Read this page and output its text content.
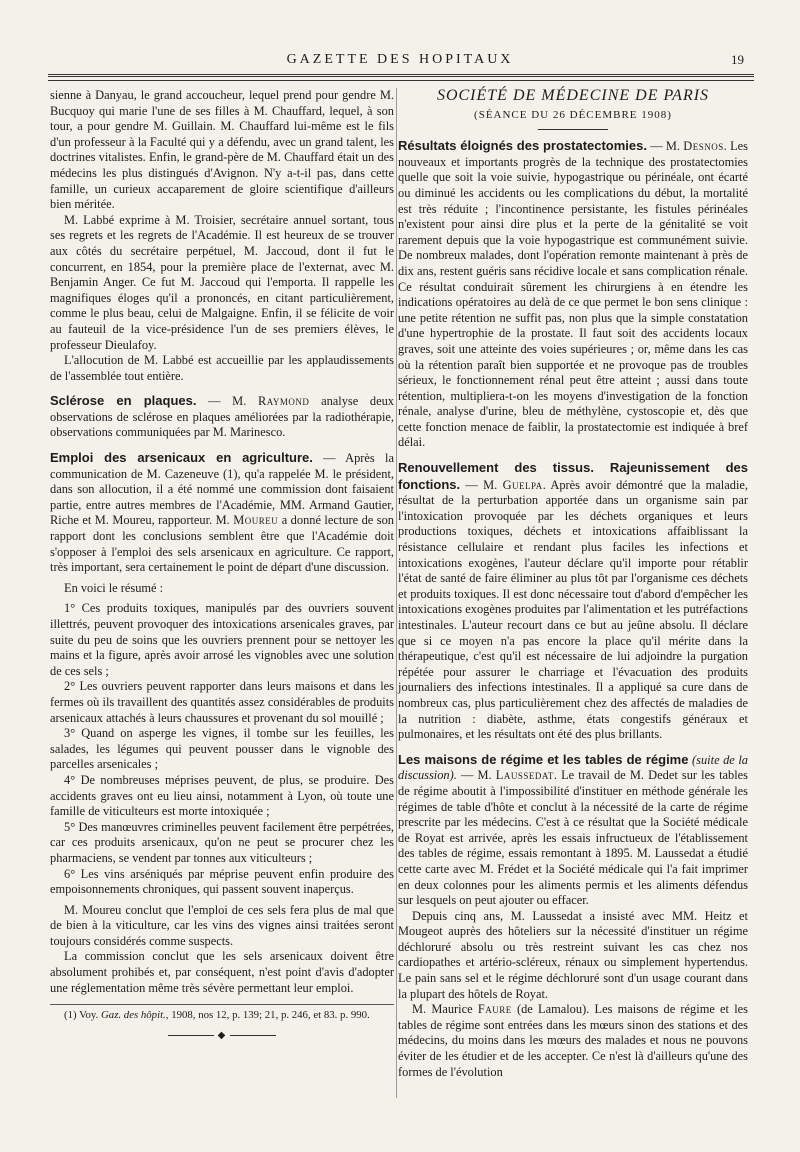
GAZETTE DES HOPITAUX	19

sienne à Danyau, le grand accoucheur, lequel prend pour gendre M. Bucquoy qui marie l'une de ses filles à M. Chauffard, lequel, à son tour, a pour gendre M. Guillain. M. Chauffard lui-même est le fils d'un professeur à la Faculté qui y a défendu, avec un grand talent, les doctrines vitalistes. Enfin, le grand-père de M. Chauffard était un des médecins les plus distingués d'Avignon. N'y a-t-il pas, dans cette famille, un curieux accaparement de gloire scientifique d'ailleurs bien méritée.

M. Labbé exprime à M. Troisier, secrétaire annuel sortant, tous ses regrets et les regrets de l'Académie. Il est heureux de se trouver aux côtés du secrétaire perpétuel, M. Jaccoud, dont il fut le concurrent, en 1854, pour la première place de l'externat, avec M. Benjamin Anger. Ce fut M. Jaccoud qui l'emporta. Il rappelle les magnifiques éloges qu'il a prononcés, en citant particulièrement, comme le plus beau, celui de Malgaigne. Enfin, il se félicite de voir au fauteuil de la vice-présidence l'un de ses premiers élèves, le professeur Dieulafoy.

L'allocution de M. Labbé est accueillie par les applaudissements de l'assemblée tout entière.

Sclérose en plaques. — M. Raymond analyse deux observations de sclérose en plaques améliorées par la radiothérapie, observations communiquées par M. Marinesco.

Emploi des arsenicaux en agriculture. — Après la communication de M. Cazeneuve (1), qu'a rappelée M. le président, dans son allocution, il a été nommé une commission dont faisaient partie, entre autres membres de l'Académie, MM. Armand Gautier, Riche et M. Moureu, rapporteur. M. Moureu a donné lecture de son rapport dont les conclusions semblent être que l'Académie doit s'opposer à l'emploi des sels arsenicaux en agriculture. Ce rapport, très important, sera certainement le point de départ d'une discussion.

En voici le résumé :

1° Ces produits toxiques, manipulés par des ouvriers souvent illettrés, peuvent provoquer des intoxications arsenicales graves, par suite du peu de soins que les ouvriers prennent pour se nettoyer les mains et la figure, après avoir arrosé les vignobles avec une solution de ces sels ;

2° Les ouvriers peuvent rapporter dans leurs maisons et dans les fermes où ils travaillent des quantités assez considérables de produits arsenicaux attachés à leurs chaussures et provenant du sol mouillé ;

3° Quand on asperge les vignes, il tombe sur les feuilles, les salades, les légumes qui peuvent pousser dans le vignoble des parcelles arsenicales ;

4° De nombreuses méprises peuvent, de plus, se produire. Des accidents graves ont eu lieu ainsi, notamment à Lyon, où toute une famille de viticulteurs est morte intoxiquée ;

5° Des manœuvres criminelles peuvent facilement être perpétrées, car ces produits arsenicaux, qu'on ne peut se procurer chez les pharmaciens, se vendent par tonnes aux viticulteurs ;

6° Les vins arséniqués par méprise peuvent enfin produire des empoisonnements chroniques, qui passent souvent inaperçus.

M. Moureu conclut que l'emploi de ces sels fera plus de mal que de bien à la viticulture, car les vins des vignes ainsi traitées seront toujours considérés comme suspects.

La commission conclut que les sels arsenicaux doivent être absolument prohibés et, par conséquent, n'est point d'avis d'adopter une réglementation même très sévère permettant leur emploi.

(1) Voy. Gaz. des hôpit., 1908, nos 12, p. 139; 21, p. 246, et 83. p. 990.

◆
SOCIÉTÉ DE MÉDECINE DE PARIS
(SÉANCE DU 26 DÉCEMBRE 1908)

Résultats éloignés des prostatectomies. — M. Desnos. Les nouveaux et importants progrès de la technique des prostatectomies quelle que soit la voie suivie, hypogastrique ou périnéale, ont écarté ou diminué les accidents ou les complications du début, la mortalité est très réduite ; l'incontinence persistante, les fistules périnéales n'existent pour ainsi dire plus et la perte de la génitalité se voit rarement depuis que la voie hypogastrique est communément suivie. De nombreux malades, dont l'opération remonte maintenant à près de dix ans, restent guéris sans récidive locale et sans complication rénale. Ce résultat conduirait sûrement les chirurgiens à en étendre les indications opératoires au delà de ce que permet le bon sens clinique : une petite rétention ne suffit pas, non plus que la simple constatation d'une hypertrophie de la prostate. Il faut soit des accidents locaux graves, soit une atteinte des voies supérieures ; or, même dans les cas où la rétention paraît bien supportée et ne provoque pas de troubles sérieux, le fonctionnement rénal peut être atteint ; aussi dans toute rétention, multipliera-t-on les moyens d'investigation de la fonction rénale, analyse d'urine, bleu de méthylène, cystoscopie et, dès que cette fonction menace de faiblir, la prostatectomie est indiquée à bref délai.

Renouvellement des tissus. Rajeunissement des fonctions. — M. Guelpa. Après avoir démontré que la maladie, résultat de la perturbation apportée dans un organisme sain par l'intoxication provoquée par les déchets organiques et leurs productions toxiques, déchets et intoxications affaiblissant la résistance cellulaire et rendant plus faciles les infections et intoxications exogènes, l'auteur déclare qu'il importe pour rétablir l'état de santé de faire éliminer au plus tôt par l'organisme ces déchets et produits toxiques. Il est donc nécessaire tout d'abord d'empêcher les intoxications exogènes produites par l'alimentation et les putréfactions intestinales. L'auteur recourt dans ce but au jeûne absolu. Il déclare que si ce moyen n'a pas encore la place qu'il mérite dans la thérapeutique, c'est qu'il est nécessaire de lui adjoindre la purgation répétée pour assurer le charriage et l'évacuation des produits journaliers des infections intestinales. Il a appliqué sa cure dans de nombreux cas, plus particulièrement chez des affectés de maladies de la nutrition : diabète, asthme, états congestifs généraux et pulmonaires, et les résultats ont été des plus brillants.

Les maisons de régime et les tables de régime (suite de la discussion). — M. Laussedat. Le travail de M. Dedet sur les tables de régime aboutit à l'impossibilité d'instituer en méthode générale les régimes de table d'hôte et conclut à la nécessité de la carte de régime prescrite par les médecins. C'est à ce résultat que la Société médicale de Royat est arrivée, après les essais infructueux de l'établissement des tables de régime, essais remontant à 1895. M. Laussedat a étudié cette carte avec M. Frédet et la Société médicale qui l'a fait imprimer en deux colonnes pour les aliments permis et les aliments défendus sur lesquels on peut ajouter ou effacer.

Depuis cinq ans, M. Laussedat a insisté avec MM. Heitz et Mougeot auprès des hôteliers sur la nécessité d'instituer un régime déchloruré absolu ou très restreint suivant les cas chez nos cardiopathes et artério-scléreux, rénaux ou simplement hypertendus. Le pain sans sel et le régime déchloruré sont d'un usage courant dans la plupart des hôtels de Royat.

M. Maurice Faure (de Lamalou). Les maisons de régime et les tables de régime sont entrées dans les mœurs sinon des stations et des médecins, du moins dans les mœurs des malades et nous ne pouvons éviter de les étudier et de les accepter. Ce n'est là d'ailleurs qu'une des formes de l'évolution
